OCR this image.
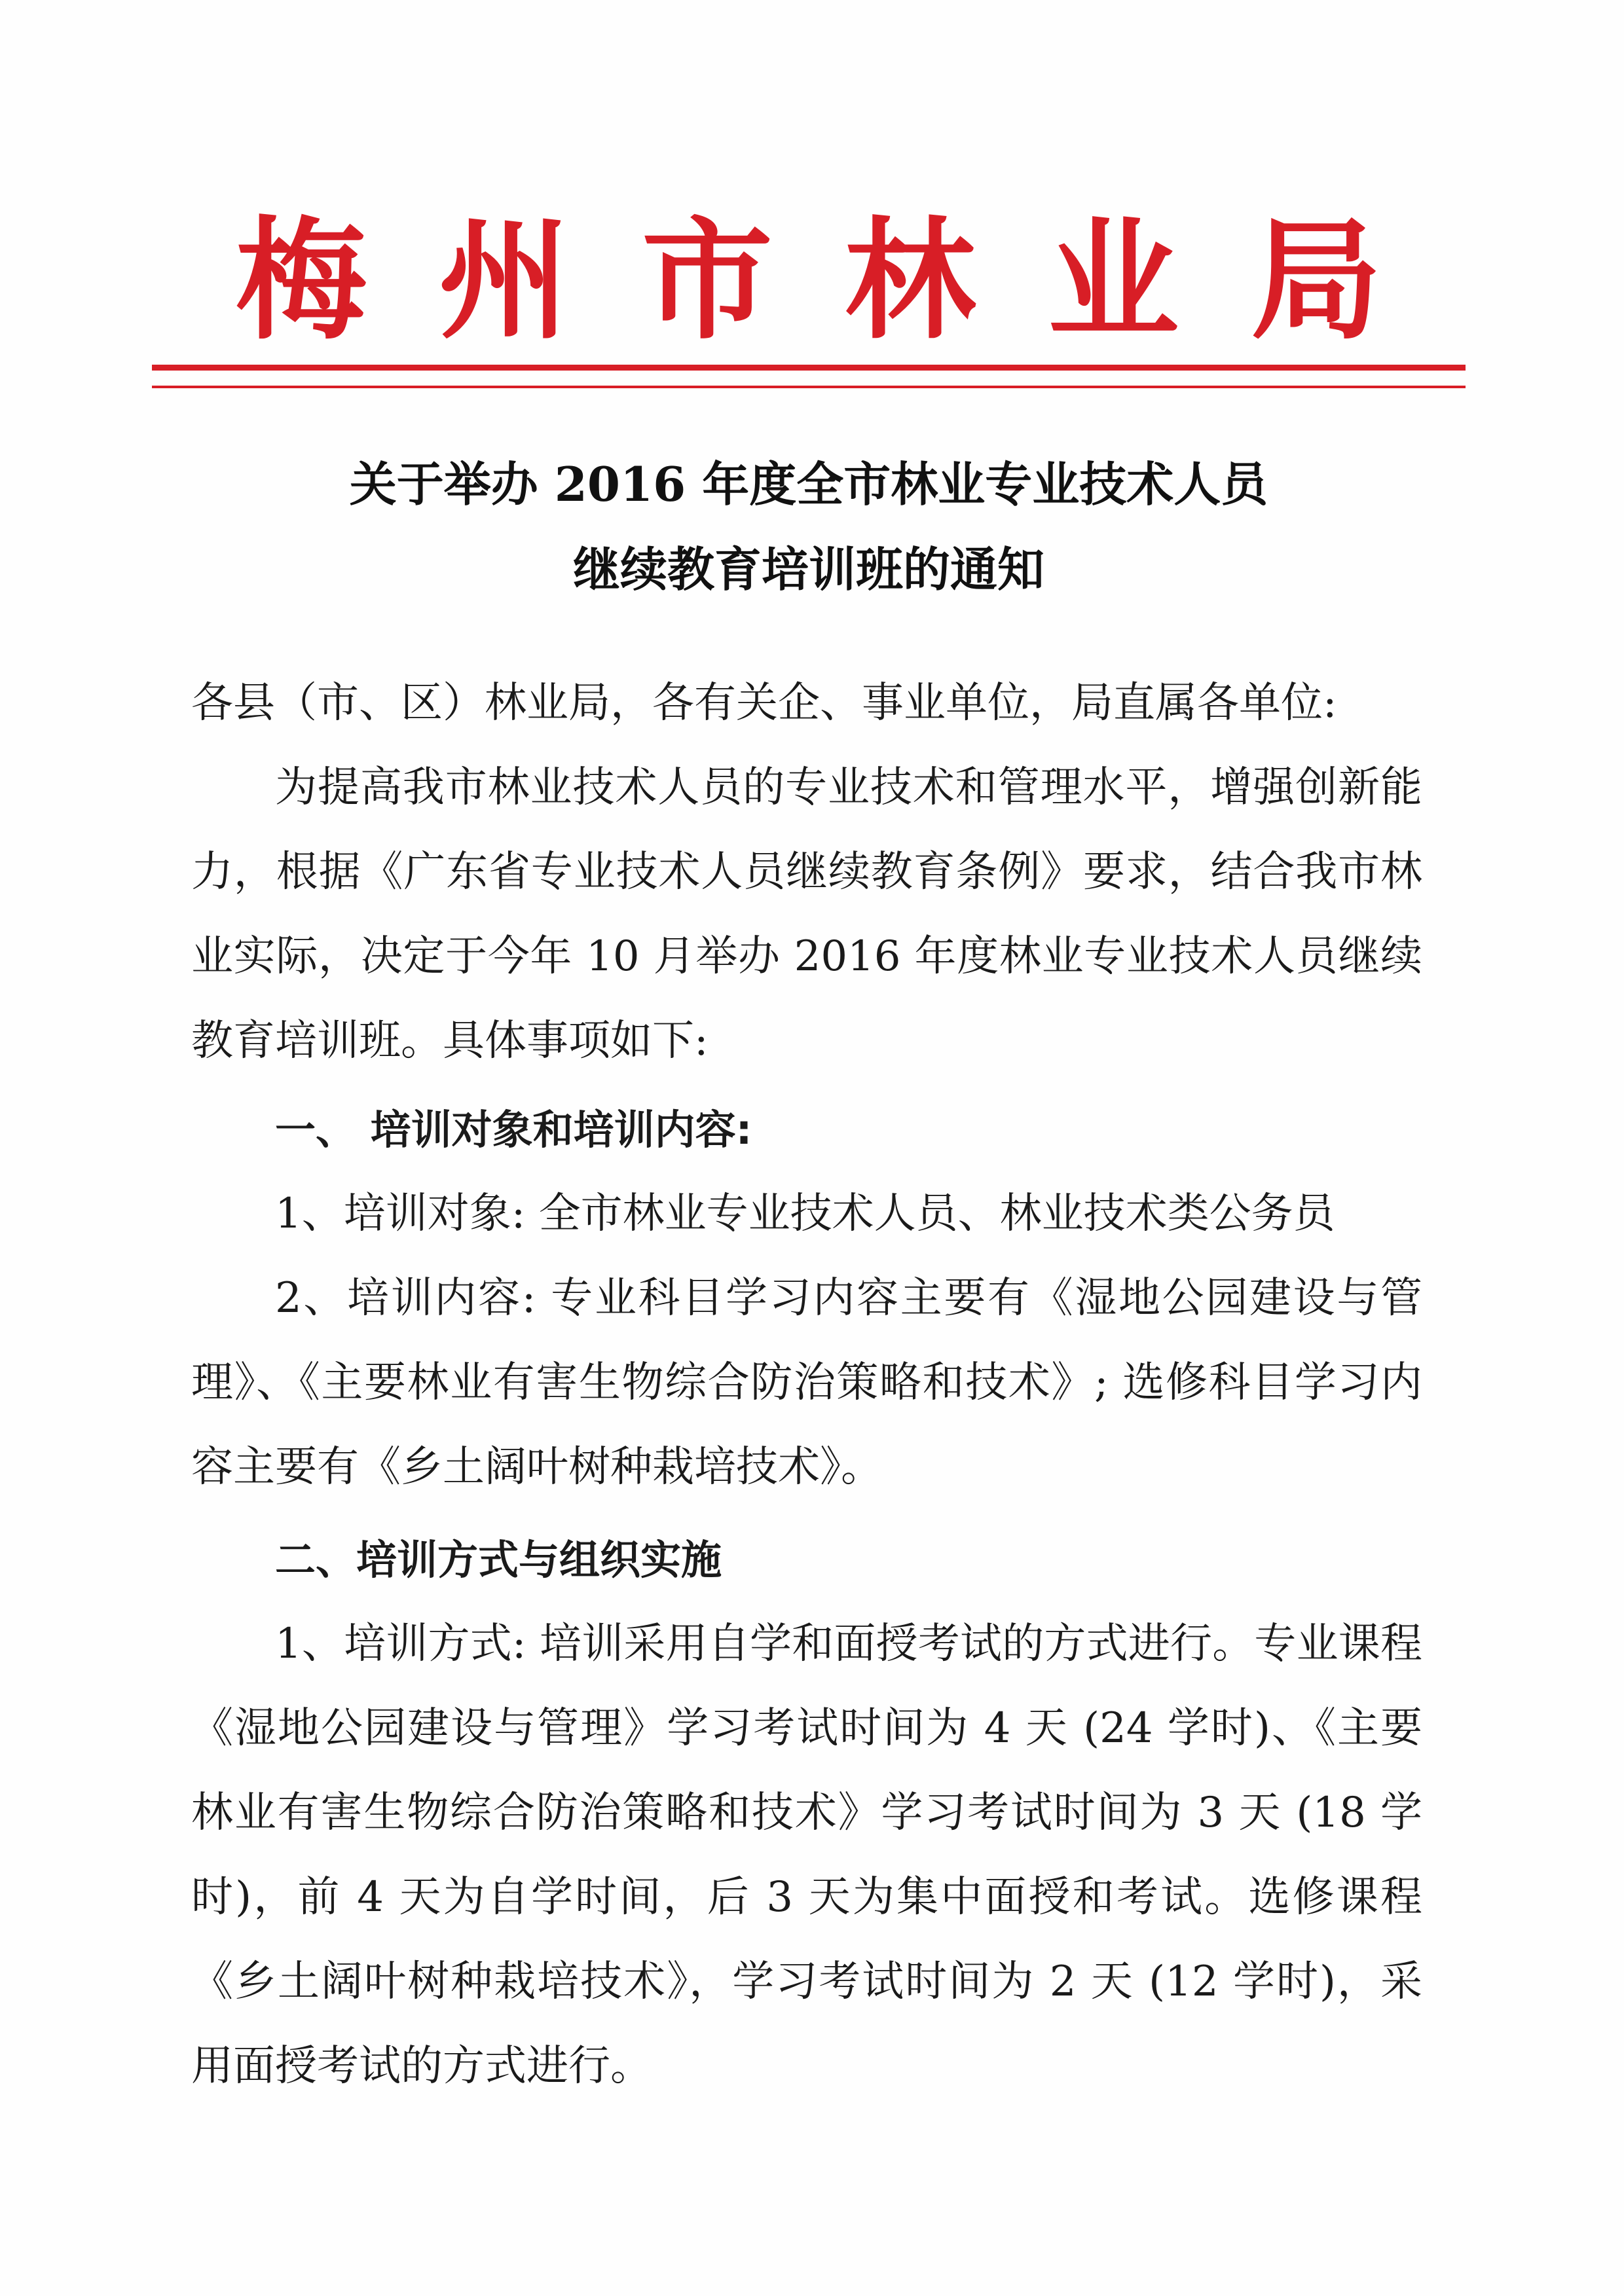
梅州市林业局
关于举办 2016 年度全市林业专业技术人员
继续教育培训班的通知

各县（市、区）林业局，各有关企、事业单位，局直属各单位:

为提高我市林业技术人员的专业技术和管理水平，增强创新能力，根据《广东省专业技术人员继续教育条例》要求，结合我市林业实际，决定于今年 10 月举办 2016 年度林业专业技术人员继续教育培训班。具体事项如下:

一、 培训对象和培训内容:

1、培训对象: 全市林业专业技术人员、林业技术类公务员

2、培训内容: 专业科目学习内容主要有《湿地公园建设与管理》、《主要林业有害生物综合防治策略和技术》; 选修科目学习内容主要有《乡土阔叶树种栽培技术》。

二、培训方式与组织实施

1、培训方式: 培训采用自学和面授考试的方式进行。专业课程《湿地公园建设与管理》学习考试时间为 4 天 (24 学时)、《主要林业有害生物综合防治策略和技术》学习考试时间为 3 天 (18 学时)，前 4 天为自学时间，后 3 天为集中面授和考试。选修课程《乡土阔叶树种栽培技术》，学习考试时间为 2 天 (12 学时)，采用面授考试的方式进行。
